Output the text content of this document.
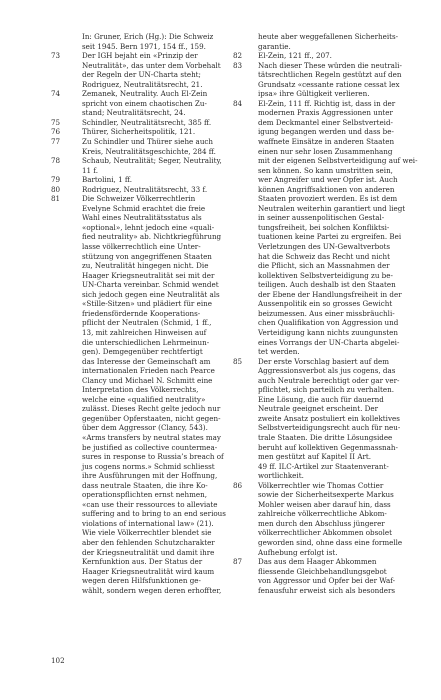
In: Gruner, Erich (Hg.): Die Schweiz

seit 1945. Bern 1971, 154 ff., 159.

73	Der IGH bejaht ein «Prinzip der

Neutralität», das unter dem Vorbehalt

der Regeln der UN-Charta steht;

Rodriguez, Neutralitätsrecht, 21.

74	Zemanek, Neutrality. Auch El-Zein

spricht von einem chaotischen Zu-

stand; Neutralitätsrecht, 24.

75	Schindler, Neutralitätsrecht, 385 ff.

76	Thürer, Sicherheitspolitik, 121.

77	Zu Schindler und Thürer siehe auch

Kreis, Neutralitätsgeschichte, 284 ff.

78	Schaub, Neutralität; Seger, Neutrality,

11 f.

79	Bartolini, 1 ff.

80	Rodriguez, Neutralitätsrecht, 33 f.

81	Die Schweizer Völkerrechtlerin

Evelyne Schmid erachtet die freie

Wahl eines Neutralitätsstatus als

«optional», lehnt jedoch eine «quali-

fied neutrality» ab. Nichtkriegführung

lasse völkerrechtlich eine Unter-

stützung von angegriffenen Staaten

zu, Neutralität hingegen nicht. Die

Haager Kriegsneutralität sei mit der

UN-Charta vereinbar. Schmid wendet

sich jedoch gegen eine Neutralität als

«Stille-Sitzen» und plädiert für eine

friedensfördernde Kooperations-

pflicht der Neutralen (Schmid, 1 ff.,

13, mit zahlreichen Hinweisen auf

die unterschiedlichen Lehrmeinun-

gen). Demgegenüber rechtfertigt

das Interesse der Gemeinschaft am

internationalen Frieden nach Pearce

Clancy und Michael N. Schmitt eine

Interpretation des Völkerrechts,

welche eine «qualified neutrality»

zulässt. Dieses Recht gelte jedoch nur

gegenüber Opferstaaten, nicht gegen-

über dem Aggressor (Clancy, 543).

«Arms transfers by neutral states may

be justified as collective countermea-

sures in response to Russia’s breach of

jus cogens norms.» Schmid schliesst

ihre Ausführungen mit der Hoffnung,

dass neutrale Staaten, die ihre Ko-

operationspflichten ernst nehmen,

«can use their ressources to alleviate

suffering and to bring to an end serious

violations of international law» (21).

Wie viele Völkerrechtler blendet sie

aber den fehlenden Schutzcharakter

der Kriegsneutralität und damit ihre

Kernfunktion aus. Der Status der

Haager Kriegsneutralität wird kaum

wegen deren Hilfsfunktionen ge-

wählt, sondern wegen deren erhoffter,

heute aber weggefallenen Sicherheits-

garantie.

82	El-Zein, 121 ff., 207.

83	Nach dieser These würden die neutrali-

tätsrechtlichen Regeln gestützt auf den

Grundsatz «cessante ratione cessat lex

ipsa» ihre Gültigkeit verlieren.

84	El-Zein, 111 ff. Richtig ist, dass in der

modernen Praxis Aggressionen unter

dem Deckmantel einer Selbstverteid-

igung begangen werden und dass be-

waffnete Einsätze in anderen Staaten

einen nur sehr losen Zusammenhang

mit der eigenen Selbstverteidigung auf wei-

sen können. So kann umstritten sein,

wer Angreifer und wer Opfer ist. Auch

können Angriffsaktionen von anderen

Staaten provoziert werden. Es ist dem

Neutralen weiterhin garantiert und liegt

in seiner aussenpolitischen Gestal-

tungsfreiheit, bei solchen Konfliktsi-

tuationen keine Partei zu ergreifen. Bei

Verletzungen des UN-Gewaltverbots

hat die Schweiz das Recht und nicht

die Pflicht, sich an Massnahmen der

kollektiven Selbstverteidigung zu be-

teiligen. Auch deshalb ist den Staaten

der Ebene der Handlungsfreiheit in der

Aussenpolitik ein so grosses Gewicht

beizumessen. Aus einer missbräuchli-

chen Qualifikation von Aggression und

Verteidigung kann nichts zuungunsten

eines Vorrangs der UN-Charta abgelei-

tet werden.

85	Der erste Vorschlag basiert auf dem

Aggressionsverbot als jus cogens, das

auch Neutrale berechtigt oder gar ver-

pflichtet, sich parteilich zu verhalten.

Eine Lösung, die auch für dauernd

Neutrale geeignet erscheint. Der

zweite Ansatz postuliert ein kollektives

Selbstverteidigungsrecht auch für neu-

trale Staaten. Die dritte Lösungsidee

beruht auf kollektiven Gegenmassnah-

men gestützt auf Kapitel II Art.

49 ff. ILC-Artikel zur Staatenverant-

wortlichkeit.

86	Völkerrechtler wie Thomas Cottier

sowie der Sicherheitsexperte Markus

Mohler weisen aber darauf hin, dass

zahlreiche völkerrechtliche Abkom-

men durch den Abschluss jüngerer

völkerrechtlicher Abkommen obsolet

geworden sind, ohne dass eine formelle

Aufhebung erfolgt ist.

87	Das aus dem Haager Abkommen

fliessende Gleichbehandlungsgebot

von Aggressor und Opfer bei der Waf-

fenausfuhr erweist sich als besonders

102
